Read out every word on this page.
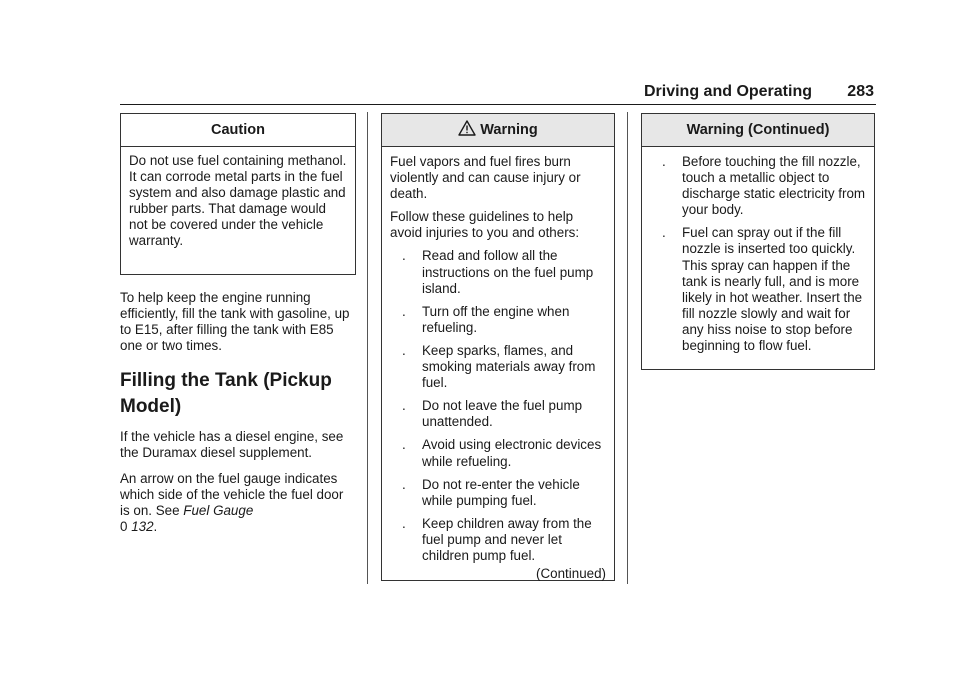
Driving and Operating 283
Caution

Do not use fuel containing methanol. It can corrode metal parts in the fuel system and also damage plastic and rubber parts. That damage would not be covered under the vehicle warranty.

To help keep the engine running efficiently, fill the tank with gasoline, up to E15, after filling the tank with E85 one or two times.

Filling the Tank (Pickup
Model)

If the vehicle has a diesel engine, see the Duramax diesel supplement.

An arrow on the fuel gauge indicates which side of the vehicle the fuel door is on. See Fuel Gauge
0 132.

Warning

Fuel vapors and fuel fires burn violently and can cause injury or death.

Follow these guidelines to help avoid injuries to you and others:

. Read and follow all the instructions on the fuel pump island.
. Turn off the engine when refueling.
. Keep sparks, flames, and smoking materials away from fuel.
. Do not leave the fuel pump unattended.
. Avoid using electronic devices while refueling.
. Do not re-enter the vehicle while pumping fuel.
. Keep children away from the fuel pump and never let children pump fuel.
(Continued)
Warning (Continued)
. Before touching the fill nozzle, touch a metallic object to discharge static electricity from your body.
. Fuel can spray out if the fill nozzle is inserted too quickly. This spray can happen if the tank is nearly full, and is more likely in hot weather. Insert the fill nozzle slowly and wait for any hiss noise to stop before beginning to flow fuel.
